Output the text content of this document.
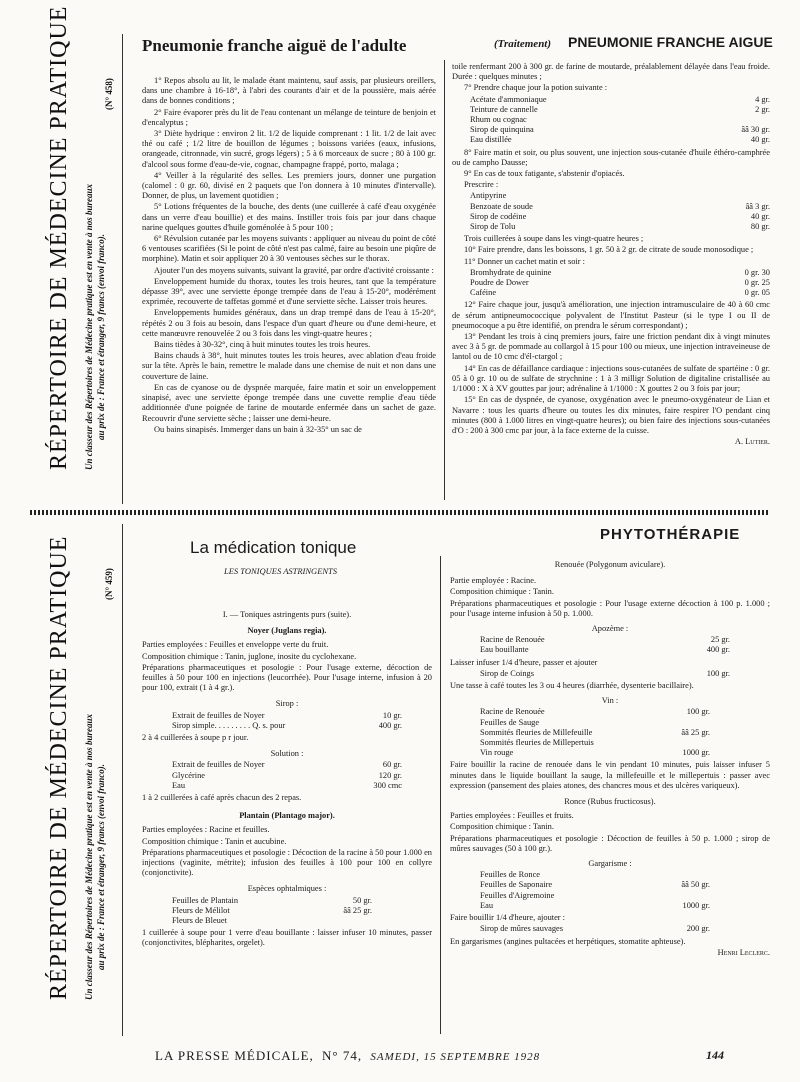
RÉPERTOIRE DE MÉDECINE PRATIQUE Un classeur des Répertoires de Médecine pratique est en vente à nos bureaux au prix de : France et étranger, 9 francs (envoi franco).
(N° 458)
Pneumonie franche aiguë de l'adulte	(Traitement) PNEUMONIE FRANCHE AIGUE

1° Repos absolu au lit, le malade étant maintenu, sauf assis, par plusieurs oreillers, dans une chambre à 16-18°, à l'abri des courants d'air et de la poussière, mais aérée dans de bonnes conditions ;

2° Faire évaporer près du lit de l'eau contenant un mélange de teinture de benjoin et d'encalyptus ;

3° Diète hydrique : environ 2 lit. 1/2 de liquide comprenant : 1 lit. 1/2 de lait avec thé ou café ; 1/2 litre de bouillon de légumes ; boissons variées (eaux, infusions, orangeade, citronnade, vin sucré, grogs légers) ; 5 à 6 morceaux de sucre ; 80 à 100 gr. d'alcool sous forme d'eau-de-vie, cognac, champagne frappé, porto, malaga ;

4° Veiller à la régularité des selles. Les premiers jours, donner une purgation (calomel : 0 gr. 60, divisé en 2 paquets que l'on donnera à 10 minutes d'intervalle). Donner, de plus, un lavement quotidien ;

5° Lotions fréquentes de la bouche, des dents (une cuillerée à café d'eau oxygénée dans un verre d'eau bouillie) et des mains. Instiller trois fois par jour dans chaque narine quelques gouttes d'huile goménolée à 5 pour 100 ;

6° Révulsion cutanée par les moyens suivants : appliquer au niveau du point de côté 6 ventouses scarifiées (Si le point de côté n'est pas calmé, faire au besoin une piqûre de morphine). Matin et soir appliquer 20 à 30 ventouses sèches sur le thorax.

Ajouter l'un des moyens suivants, suivant la gravité, par ordre d'activité croissante :

Enveloppement humide du thorax, toutes les trois heures, tant que la température dépasse 39°, avec une serviette éponge trempée dans de l'eau à 15-20°, modérément exprimée, recouverte de taffetas gommé et d'une serviette sèche. Laisser trois heures.

Enveloppements humides généraux, dans un drap trempé dans de l'eau à 15-20°, répétés 2 ou 3 fois au besoin, dans l'espace d'un quart d'heure ou d'une demi-heure, et cette manœuvre renouvelée 2 ou 3 fois dans les vingt-quatre heures ;

Bains tièdes à 30-32°, cinq à huit minutes toutes les trois heures.

Bains chauds à 38°, huit minutes toutes les trois heures, avec ablation d'eau froide sur la tête. Après le bain, remettre le malade dans une chemise de nuit et non dans une couverture de laine.

En cas de cyanose ou de dyspnée marquée, faire matin et soir un enveloppement sinapisé, avec une serviette éponge trempée dans une cuvette remplie d'eau tiède additionnée d'une poignée de farine de moutarde enfermée dans un sachet de gaze. Recouvrir d'une serviette sèche ; laisser une demi-heure.

Ou bains sinapisés. Immerger dans un bain à 32-35° un sac de

toile renfermant 200 à 300 gr. de farine de moutarde, préalablement délayée dans l'eau froide. Durée : quelques minutes ;

7° Prendre chaque jour la potion suivante :

Acétate d'ammoniaque	4 gr.
Teinture de cannelle	2 gr.
Rhum ou cognac
Sirop de quinquina	ââ 30 gr.
Eau distillée	40 gr.

8° Faire matin et soir, ou plus souvent, une injection sous-cutanée d'huile éthéro-camphrée ou de campho Dausse;

9° En cas de toux fatigante, s'abstenir d'opiacés.

Prescrire :

Antipyrine
Benzoate de soude	ââ 3 gr.
Sirop de codéine	40 gr.
Sirop de Tolu	80 gr.

Trois cuillerées à soupe dans les vingt-quatre heures ;

10° Faire prendre, dans les boissons, 1 gr. 50 à 2 gr. de citrate de soude monosodique ;

11° Donner un cachet matin et soir :

Bromhydrate de quinine	0 gr. 30
Poudre de Dower	0 gr. 25
Caféine	0 gr. 05

12° Faire chaque jour, jusqu'à amélioration, une injection intramusculaire de 40 à 60 cmc de sérum antipneumococcique polyvalent de l'Institut Pasteur (si le type I ou II de pneumocoque a pu être identifié, on prendra le sérum correspondant) ;

13° Pendant les trois à cinq premiers jours, faire une friction pendant dix à vingt minutes avec 3 à 5 gr. de pommade au collargol à 15 pour 100 ou mieux, une injection intraveineuse de lantol ou de 10 cmc d'él-ctargol ;

14° En cas de défaillance cardiaque : injections sous-cutanées de sulfate de spartéine : 0 gr. 05 à 0 gr. 10 ou de sulfate de strychnine : 1 à 3 milligr Solution de digitaline cristallisée au 1/1000 : X à XV gouttes par jour; adrénaline à 1/1000 : X gouttes 2 ou 3 fois par jour;

15° En cas de dyspnée, de cyanose, oxygénation avec le pneumo-oxygénateur de Lian et Navarre : tous les quarts d'heure ou toutes les dix minutes, faire respirer l'O pendant cinq minutes (800 à 1.000 litres en vingt-quatre heures); ou bien faire des injections sous-cutanées d'O : 200 à 300 cmc par jour, à la face externe de la cuisse.

A. Lutier.

RÉPERTOIRE DE MÉDECINE PRATIQUE Un classeur des Répertoires de Médecine pratique est en vente à nos bureaux au prix de : France et étranger, 9 francs (envoi franco).
(N° 459)
PHYTOTHÉRAPIE
La médication tonique
LES TONIQUES ASTRINGENTS

I. — Toniques astringents purs (suite).

Noyer (Juglans regia).

Parties employées : Feuilles et enveloppe verte du fruit.

Composition chimique : Tanin, juglone, inosite du cyclohexane.

Préparations pharmaceutiques et posologie : Pour l'usage externe, décoction de feuilles à 50 pour 100 en injections (leucorrhée). Pour l'usage interne, infusion à 20 pour 100, extrait (1 à 4 gr.).

Sirop :

Extrait de feuilles de Noyer	10 gr.
Sirop simple. . . . . . . . . Q. s. pour	400 gr.

2 à 4 cuillerées à soupe p r jour.

Solution :

Extrait de feuilles de Noyer	60 gr.
Glycérine	120 gr.
Eau	300 cmc

1 à 2 cuillerées à café après chacun des 2 repas.

Plantain (Plantago major).

Parties employées : Racine et feuilles.

Composition chimique : Tanin et aucubine.

Préparations pharmaceutiques et posologie : Décoction de la racine à 50 pour 1.000 en injections (vaginite, métrite); infusion des feuilles à 100 pour 100 en collyre (conjonctivite).

Espèces ophtalmiques :

Feuilles de Plantain	50 gr.
Fleurs de Mélilot	ââ 25 gr.
Fleurs de Bleuet

1 cuillerée à soupe pour 1 verre d'eau bouillante : laisser infuser 10 minutes, passer (conjonctivites, blépharites, orgelet).

Renouée (Polygonum aviculare).

Partie employée : Racine.

Composition chimique : Tanin.

Préparations pharmaceutiques et posologie : Pour l'usage externe décoction à 100 p. 1.000 ; pour l'usage interne infusion à 50 p. 1.000.

Apozème :

Racine de Renouée	25 gr.
Eau bouillante	400 gr.

Laisser infuser 1/4 d'heure, passer et ajouter

Sirop de Coings	100 gr.

Une tasse à café toutes les 3 ou 4 heures (diarrhée, dysenterie bacillaire).

Vin :

Racine de Renouée	100 gr.
Feuilles de Sauge
Sommités fleuries de Millefeuille	ââ 25 gr.
Sommités fleuries de Millepertuis
Vin rouge	1000 gr.

Faire bouillir la racine de renouée dans le vin pendant 10 minutes, puis laisser infuser 5 minutes dans le liquide bouillant la sauge, la millefeuille et le millepertuis : passer avec expression (pansement des plaies atones, des chancres mous et des ulcères variqueux).

Ronce (Rubus fructicosus).

Parties employées : Feuilles et fruits.

Composition chimique : Tanin.

Préparations pharmaceutiques et posologie : Décoction de feuilles à 50 p. 1.000 ; sirop de mûres sauvages (50 à 100 gr.).

Gargarisme :

Feuilles de Ronce
Feuilles de Saponaire	ââ 50 gr.
Feuilles d'Aigremoine
Eau	1000 gr.

Faire bouillir 1/4 d'heure, ajouter :

Sirop de mûres sauvages	200 gr.

En gargarismes (angines pultacées et herpétiques, stomatite aphteuse).

Henri Leclerc.

LA PRESSE MÉDICALE, N° 74, SAMEDI, 15 SEPTEMBRE 1928	144
